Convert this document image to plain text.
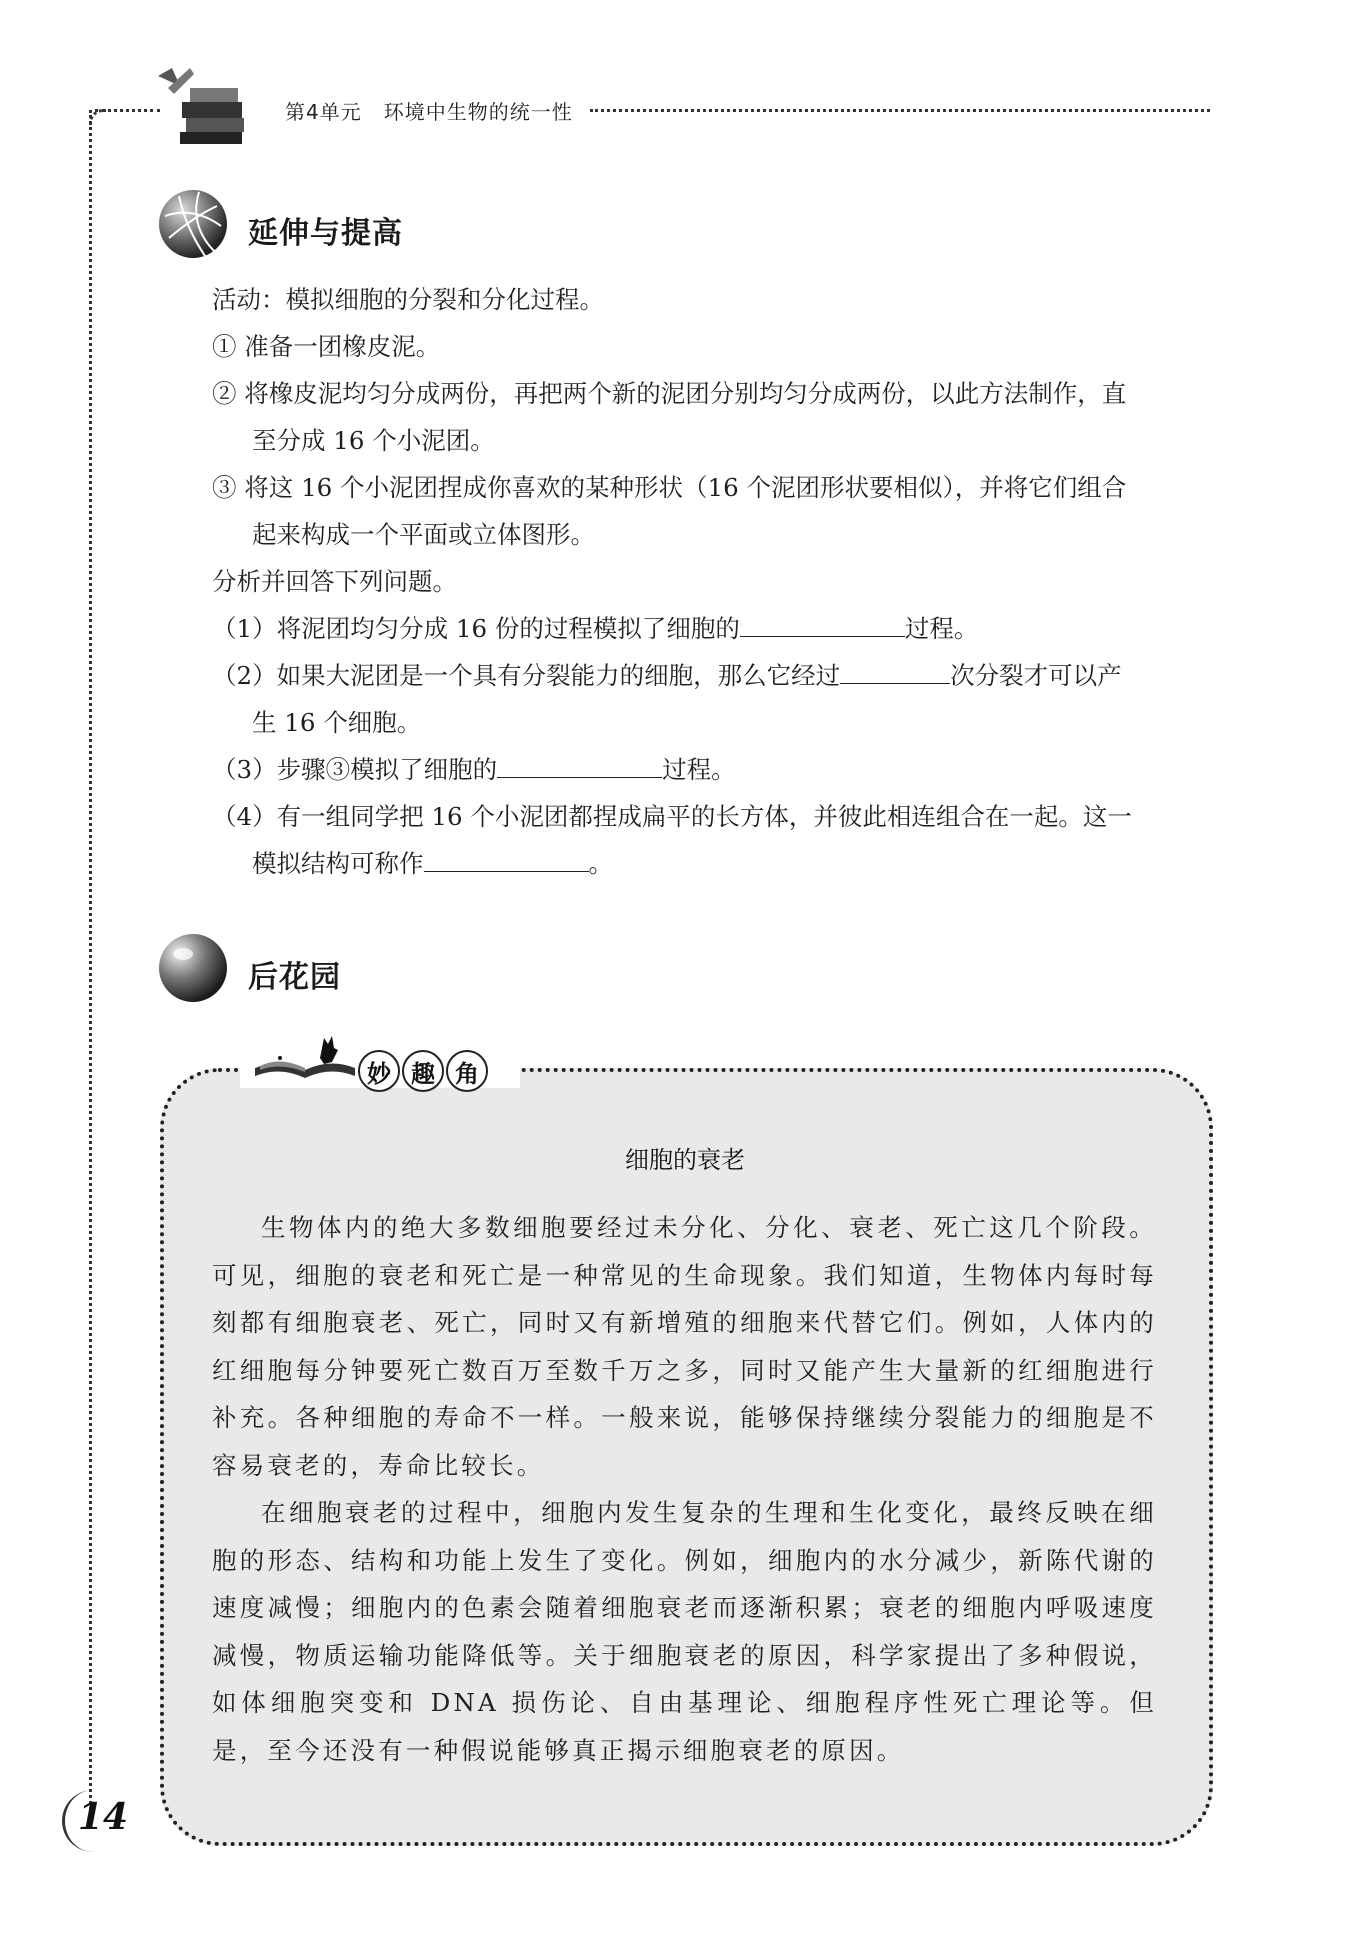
第4单元 环境中生物的统一性
延伸与提高

活动：模拟细胞的分裂和分化过程。

① 准备一团橡皮泥。

② 将橡皮泥均匀分成两份，再把两个新的泥团分别均匀分成两份，以此方法制作，直

至分成 16 个小泥团。

③ 将这 16 个小泥团捏成你喜欢的某种形状（16 个泥团形状要相似），并将它们组合

起来构成一个平面或立体图形。

分析并回答下列问题。

（1）将泥团均匀分成 16 份的过程模拟了细胞的	过程。

（2）如果大泥团是一个具有分裂能力的细胞，那么它经过	次分裂才可以产

生 16 个细胞。

（3）步骤③模拟了细胞的	过程。

（4）有一组同学把 16 个小泥团都捏成扁平的长方体，并彼此相连组合在一起。这一

模拟结构可称作	。

后花园
妙 趣 角
细胞的衰老

生物体内的绝大多数细胞要经过未分化、分化、衰老、死亡这几个阶段。可见，细胞的衰老和死亡是一种常见的生命现象。我们知道，生物体内每时每刻都有细胞衰老、死亡，同时又有新增殖的细胞来代替它们。例如，人体内的红细胞每分钟要死亡数百万至数千万之多，同时又能产生大量新的红细胞进行补充。各种细胞的寿命不一样。一般来说，能够保持继续分裂能力的细胞是不容易衰老的，寿命比较长。

在细胞衰老的过程中，细胞内发生复杂的生理和生化变化，最终反映在细胞的形态、结构和功能上发生了变化。例如，细胞内的水分减少，新陈代谢的速度减慢；细胞内的色素会随着细胞衰老而逐渐积累；衰老的细胞内呼吸速度减慢，物质运输功能降低等。关于细胞衰老的原因，科学家提出了多种假说，如体细胞突变和 DNA 损伤论、自由基理论、细胞程序性死亡理论等。但是，至今还没有一种假说能够真正揭示细胞衰老的原因。

14
